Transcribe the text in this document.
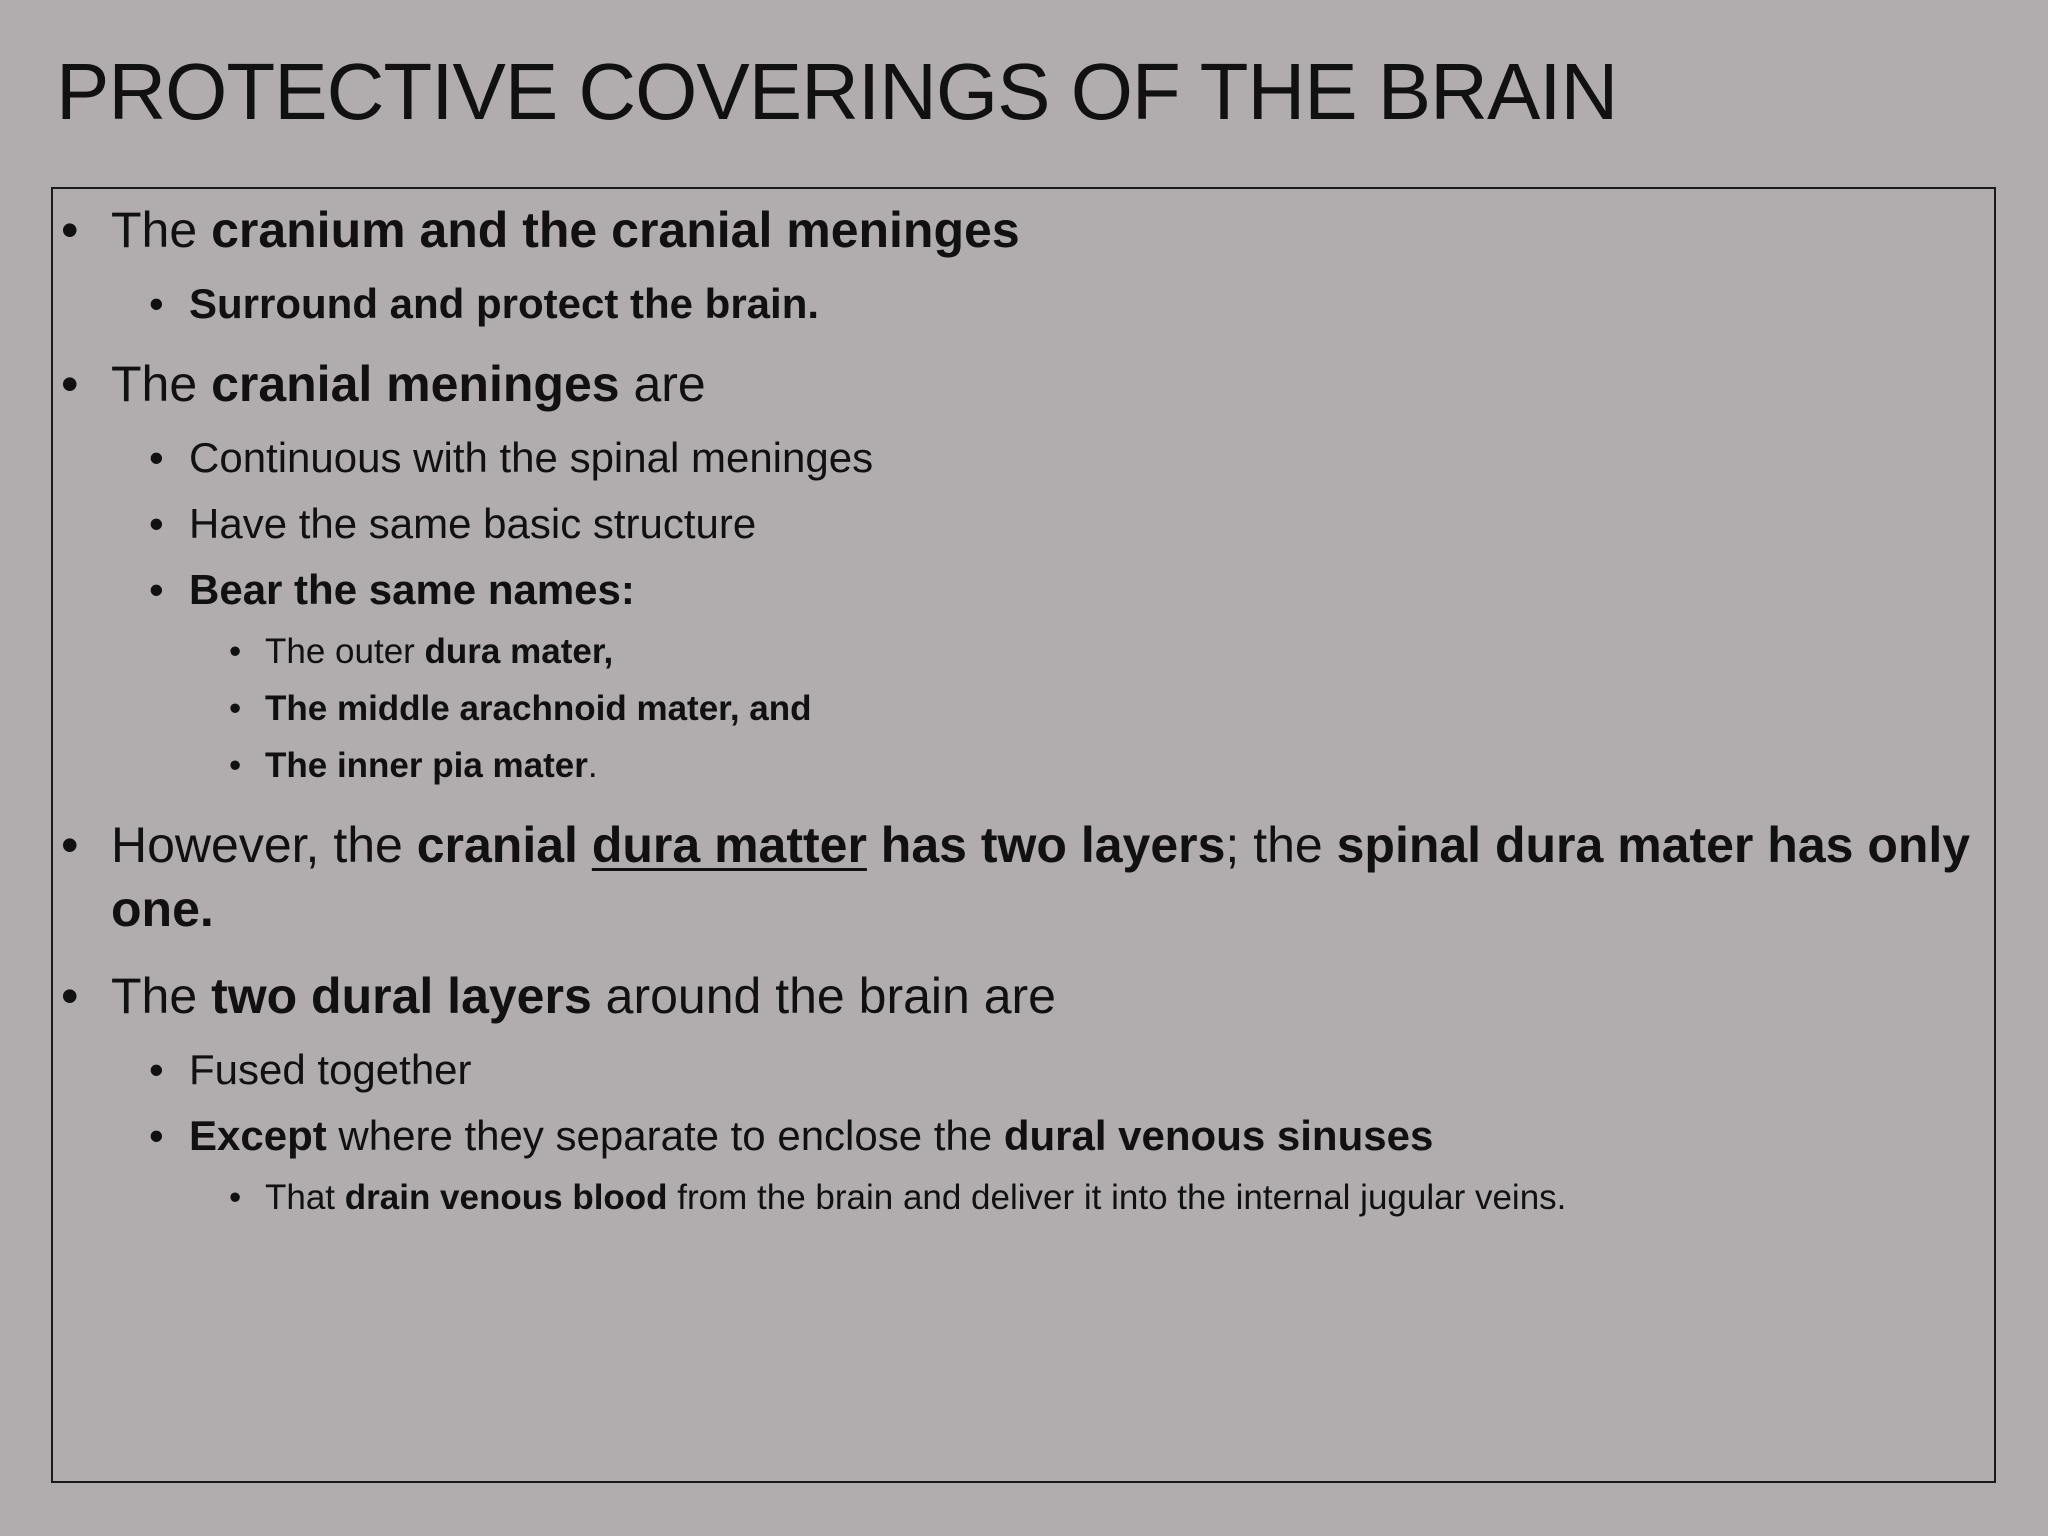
PROTECTIVE COVERINGS OF THE BRAIN
• The cranium and the cranial meninges
• Surround and protect the brain.
• The cranial meninges are
• Continuous with the spinal meninges
• Have the same basic structure
• Bear the same names:
• The outer dura mater,
• The middle arachnoid mater, and
• The inner pia mater.
• However, the cranial dura matter has two layers; the spinal dura mater has only one.
• The two dural layers around the brain are
• Fused together
• Except where they separate to enclose the dural venous sinuses
• That drain venous blood from the brain and deliver it into the internal jugular veins.
